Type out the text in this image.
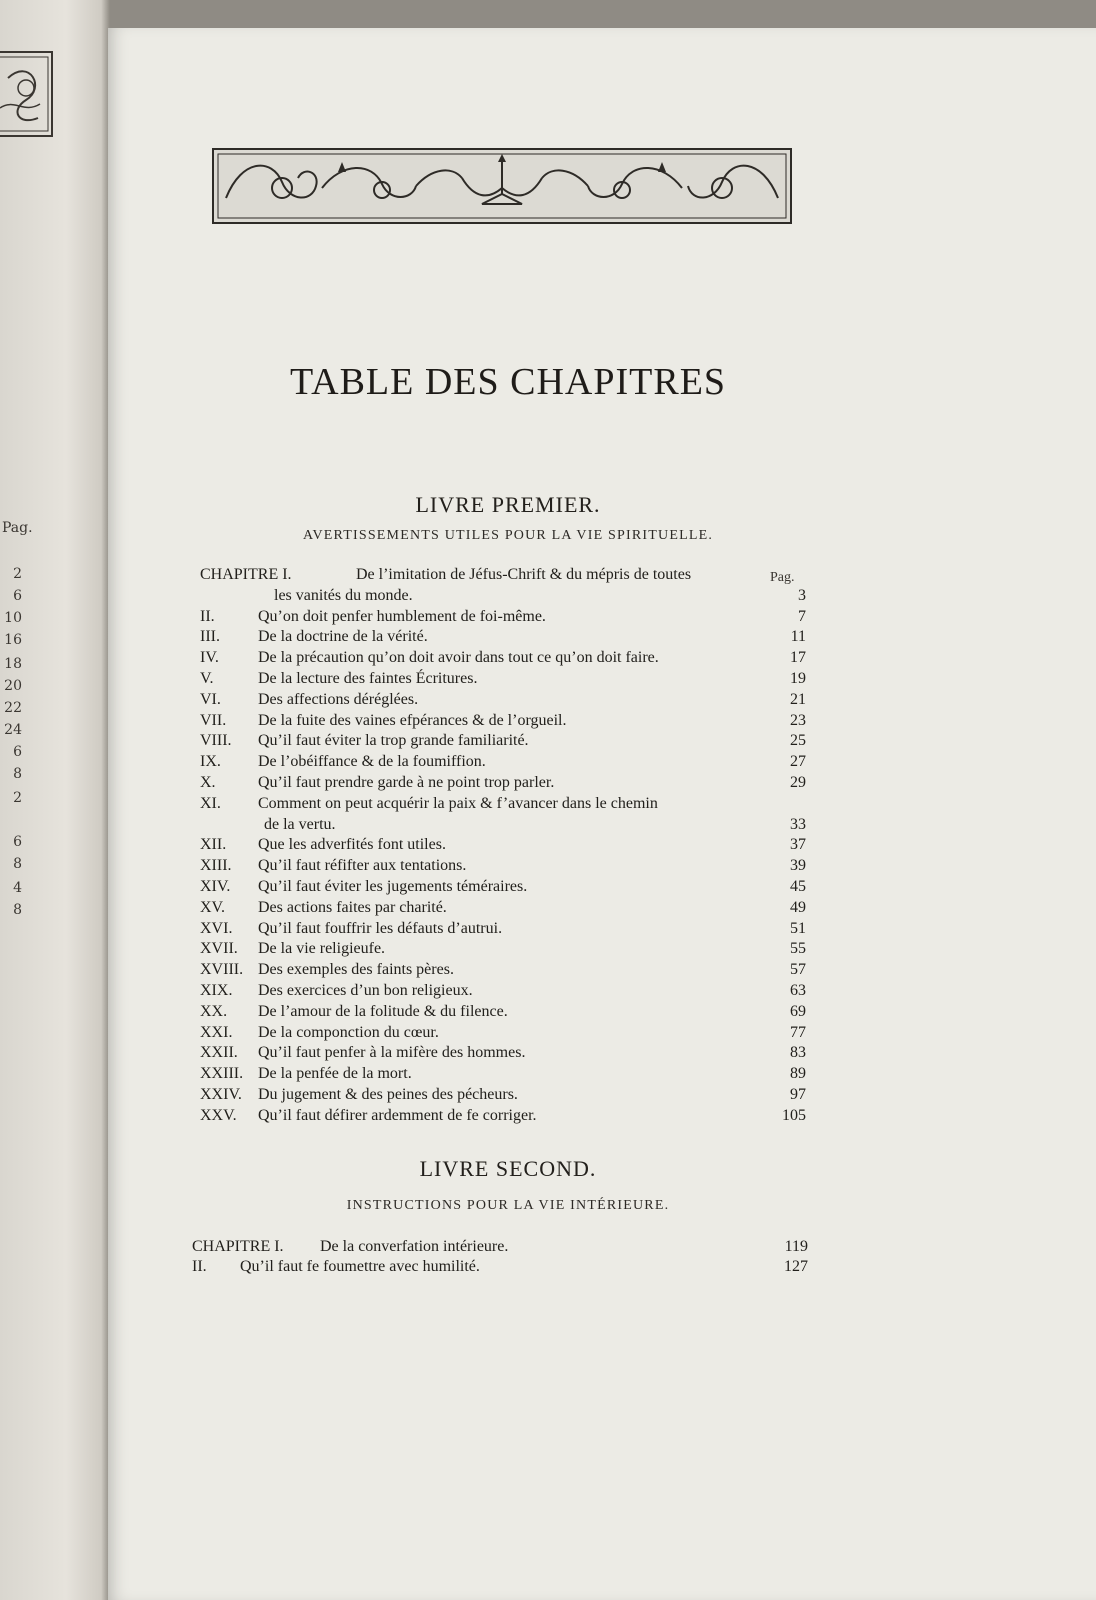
Pag.
2
6
10
16
18
20
22
24
6
8
2
6
8
4
8
TABLE DES CHAPITRES
LIVRE PREMIER.
AVERTISSEMENTS UTILES POUR LA VIE SPIRITUELLE.
Pag.
CHAPITRE I.	De l’imitation de Jéfus-Chrift & du mépris de toutes
les vanités du monde.	3
II.	Qu’on doit penfer humblement de foi-même.	7
III. De la doctrine de la vérité.	11
IV. De la précaution qu’on doit avoir dans tout ce qu’on doit faire.	17
V.	De la lecture des faintes Écritures.	19
VI. Des affections déréglées.	21
VII. De la fuite des vaines efpérances & de l’orgueil.	23
VIII. Qu’il faut éviter la trop grande familiarité.	25
IX. De l’obéiffance & de la foumiffion.	27
X.	Qu’il faut prendre garde à ne point trop parler.	29
XI. Comment on peut acquérir la paix & f’avancer dans le chemin
de la vertu.	33
XII. Que les adverfités font utiles.	37
XIII. Qu’il faut réfifter aux tentations.	39
XIV. Qu’il faut éviter les jugements téméraires.	45
XV. Des actions faites par charité.	49
XVI. Qu’il faut fouffrir les défauts d’autrui.	51
XVII. De la vie religieufe.	55
XVIII. Des exemples des faints pères.	57
XIX. Des exercices d’un bon religieux.	63
XX. De l’amour de la folitude & du filence.	69
XXI. De la componction du cœur.	77
XXII. Qu’il faut penfer à la mifère des hommes.	83
XXIII. De la penfée de la mort.	89
XXIV. Du jugement & des peines des pécheurs.	97
XXV. Qu’il faut défirer ardemment de fe corriger.	105
LIVRE SECOND.
INSTRUCTIONS POUR LA VIE INTÉRIEURE.
CHAPITRE I. De la converfation intérieure.	119
II. Qu’il faut fe foumettre avec humilité.	127
